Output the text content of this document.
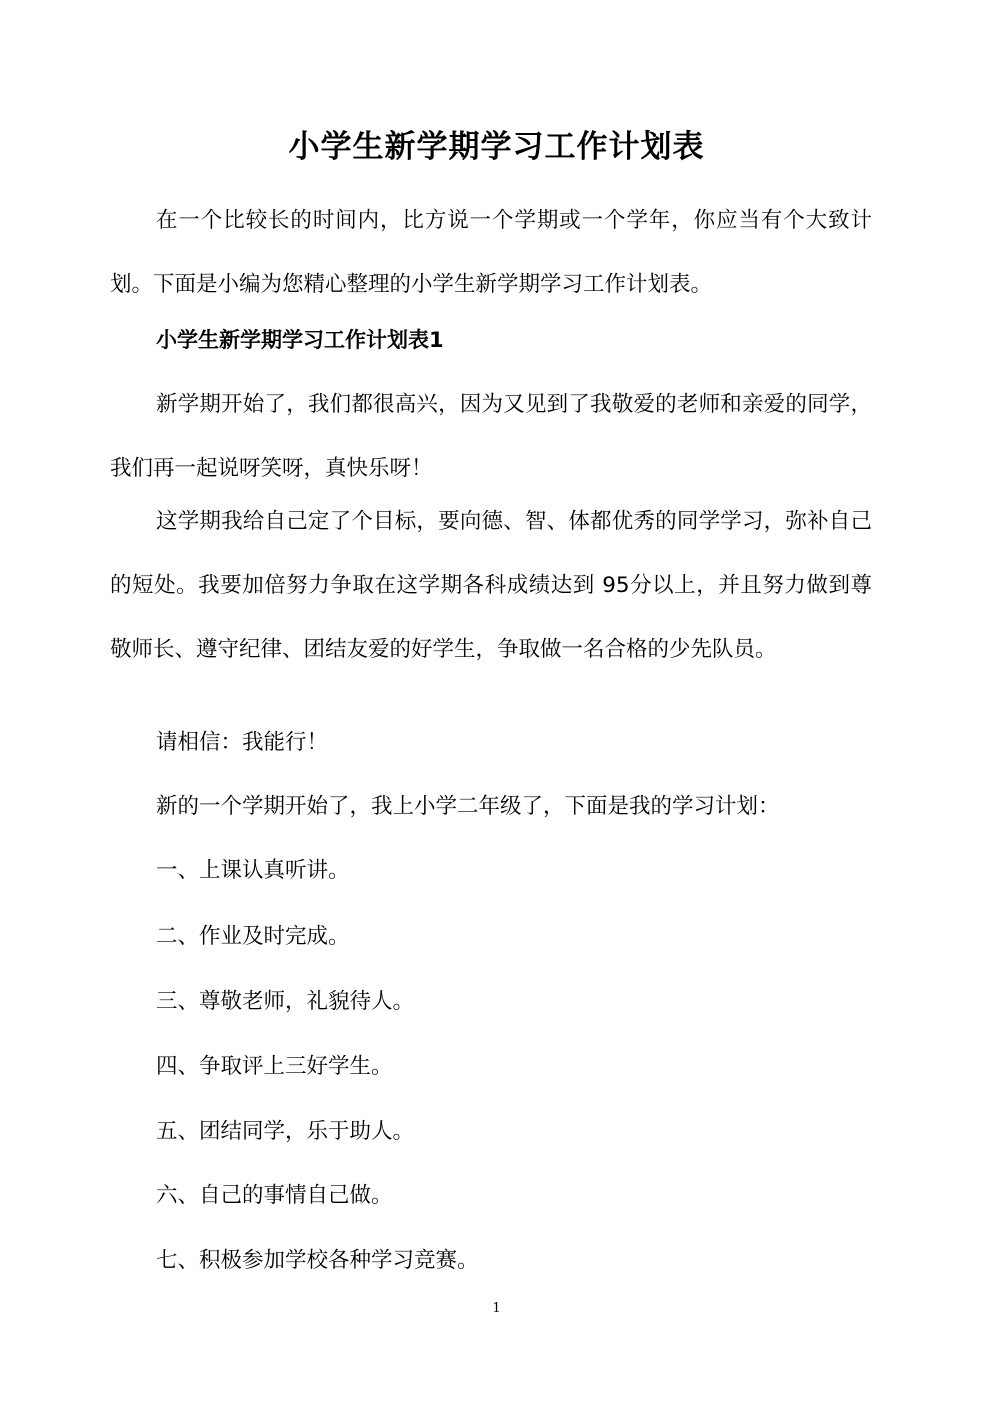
小学生新学期学习工作计划表

在一个比较长的时间内，比方说一个学期或一个学年，你应当有个大致计划。下面是小编为您精心整理的小学生新学期学习工作计划表。

小学生新学期学习工作计划表1

新学期开始了，我们都很高兴，因为又见到了我敬爱的老师和亲爱的同学，我们再一起说呀笑呀，真快乐呀！

这学期我给自己定了个目标，要向德、智、体都优秀的同学学习，弥补自己的短处。我要加倍努力争取在这学期各科成绩达到 95分以上，并且努力做到尊敬师长、遵守纪律、团结友爱的好学生，争取做一名合格的少先队员。

请相信：我能行！
新的一个学期开始了，我上小学二年级了，下面是我的学习计划：
一、上课认真听讲。
二、作业及时完成。
三、尊敬老师，礼貌待人。
四、争取评上三好学生。
五、团结同学，乐于助人。
六、自己的事情自己做。
七、积极参加学校各种学习竞赛。
1
